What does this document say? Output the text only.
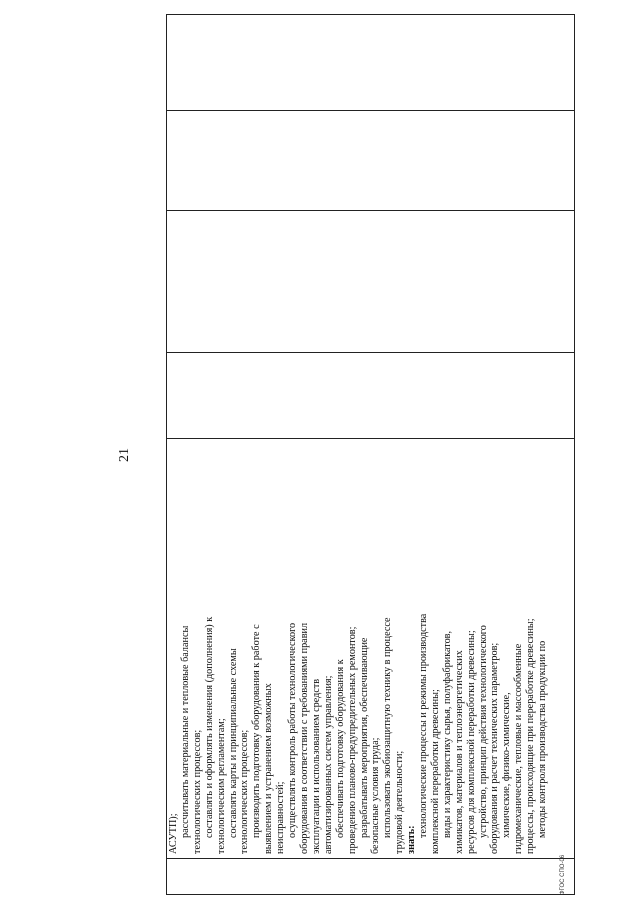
21

АСУТП); рассчитывать материальные и тепловые балансы технологических процессов; составлять и оформлять изменения (дополнения) к технологическим регламентам; составлять карты и принципиальные схемы технологических процессов; производить подготовку оборудования к работе с выявлением и устранением возможных неисправностей; осуществлять контроль работы технологического оборудования в соответствии с требованиями правил эксплуатации и использованием средств автоматизированных систем управления; обеспечивать подготовку оборудования к проведению планово-предупредительных ремонтов; разрабатывать мероприятия, обеспечивающие безопасные условия труда; использовать экобиозащитную технику в процессе трудовой деятельности; знать:
технологические процессы и режимы производства комплексной переработки древесины; виды и характеристику сырья, полуфабрикатов, химикатов, материалов и теплоэнергетических ресурсов для комплексной переработки древесины; устройство, принцип действия технологического оборудования и расчет технических параметров; химические, физико-химические, гидромеханические, тепловые и массообменные процессы, происходящие при переработке древесины; методы контроля производства продукции по

ФГОС СПО-06
